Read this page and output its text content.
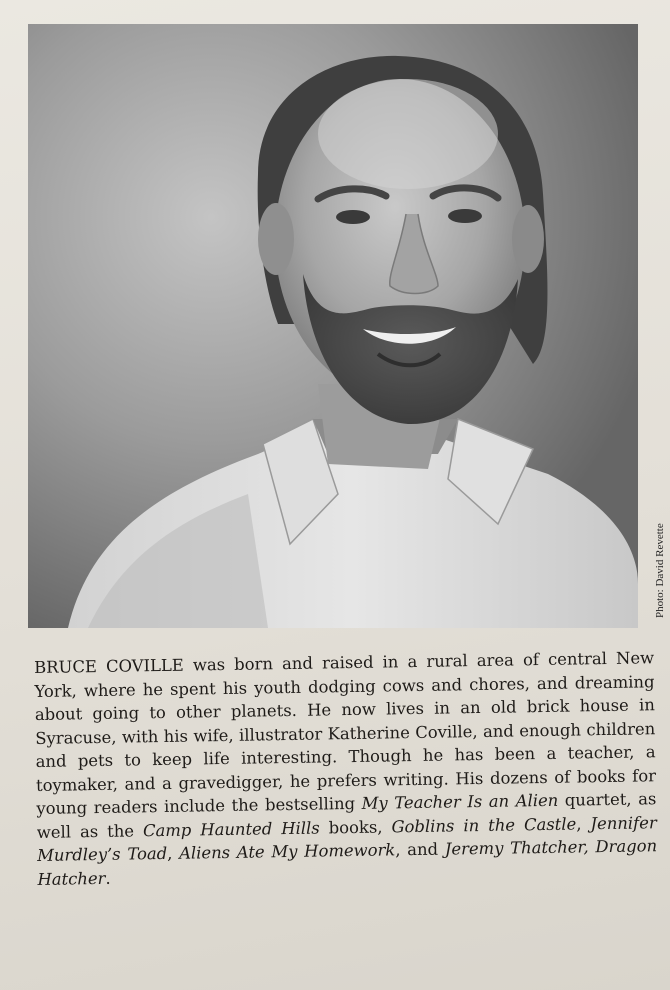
Photo: David Revette
BRUCE COVILLE was born and raised in a rural area of central New York, where he spent his youth dodging cows and chores, and dreaming about going to other planets. He now lives in an old brick house in Syracuse, with his wife, illustrator Katherine Coville, and enough children and pets to keep life interesting. Though he has been a teacher, a toymaker, and a gravedigger, he prefers writing. His dozens of books for young readers include the bestselling My Teacher Is an Alien quartet, as well as the Camp Haunted Hills books, Goblins in the Castle, Jennifer Murdley’s Toad, Aliens Ate My Homework, and Jeremy Thatcher, Dragon Hatcher.
